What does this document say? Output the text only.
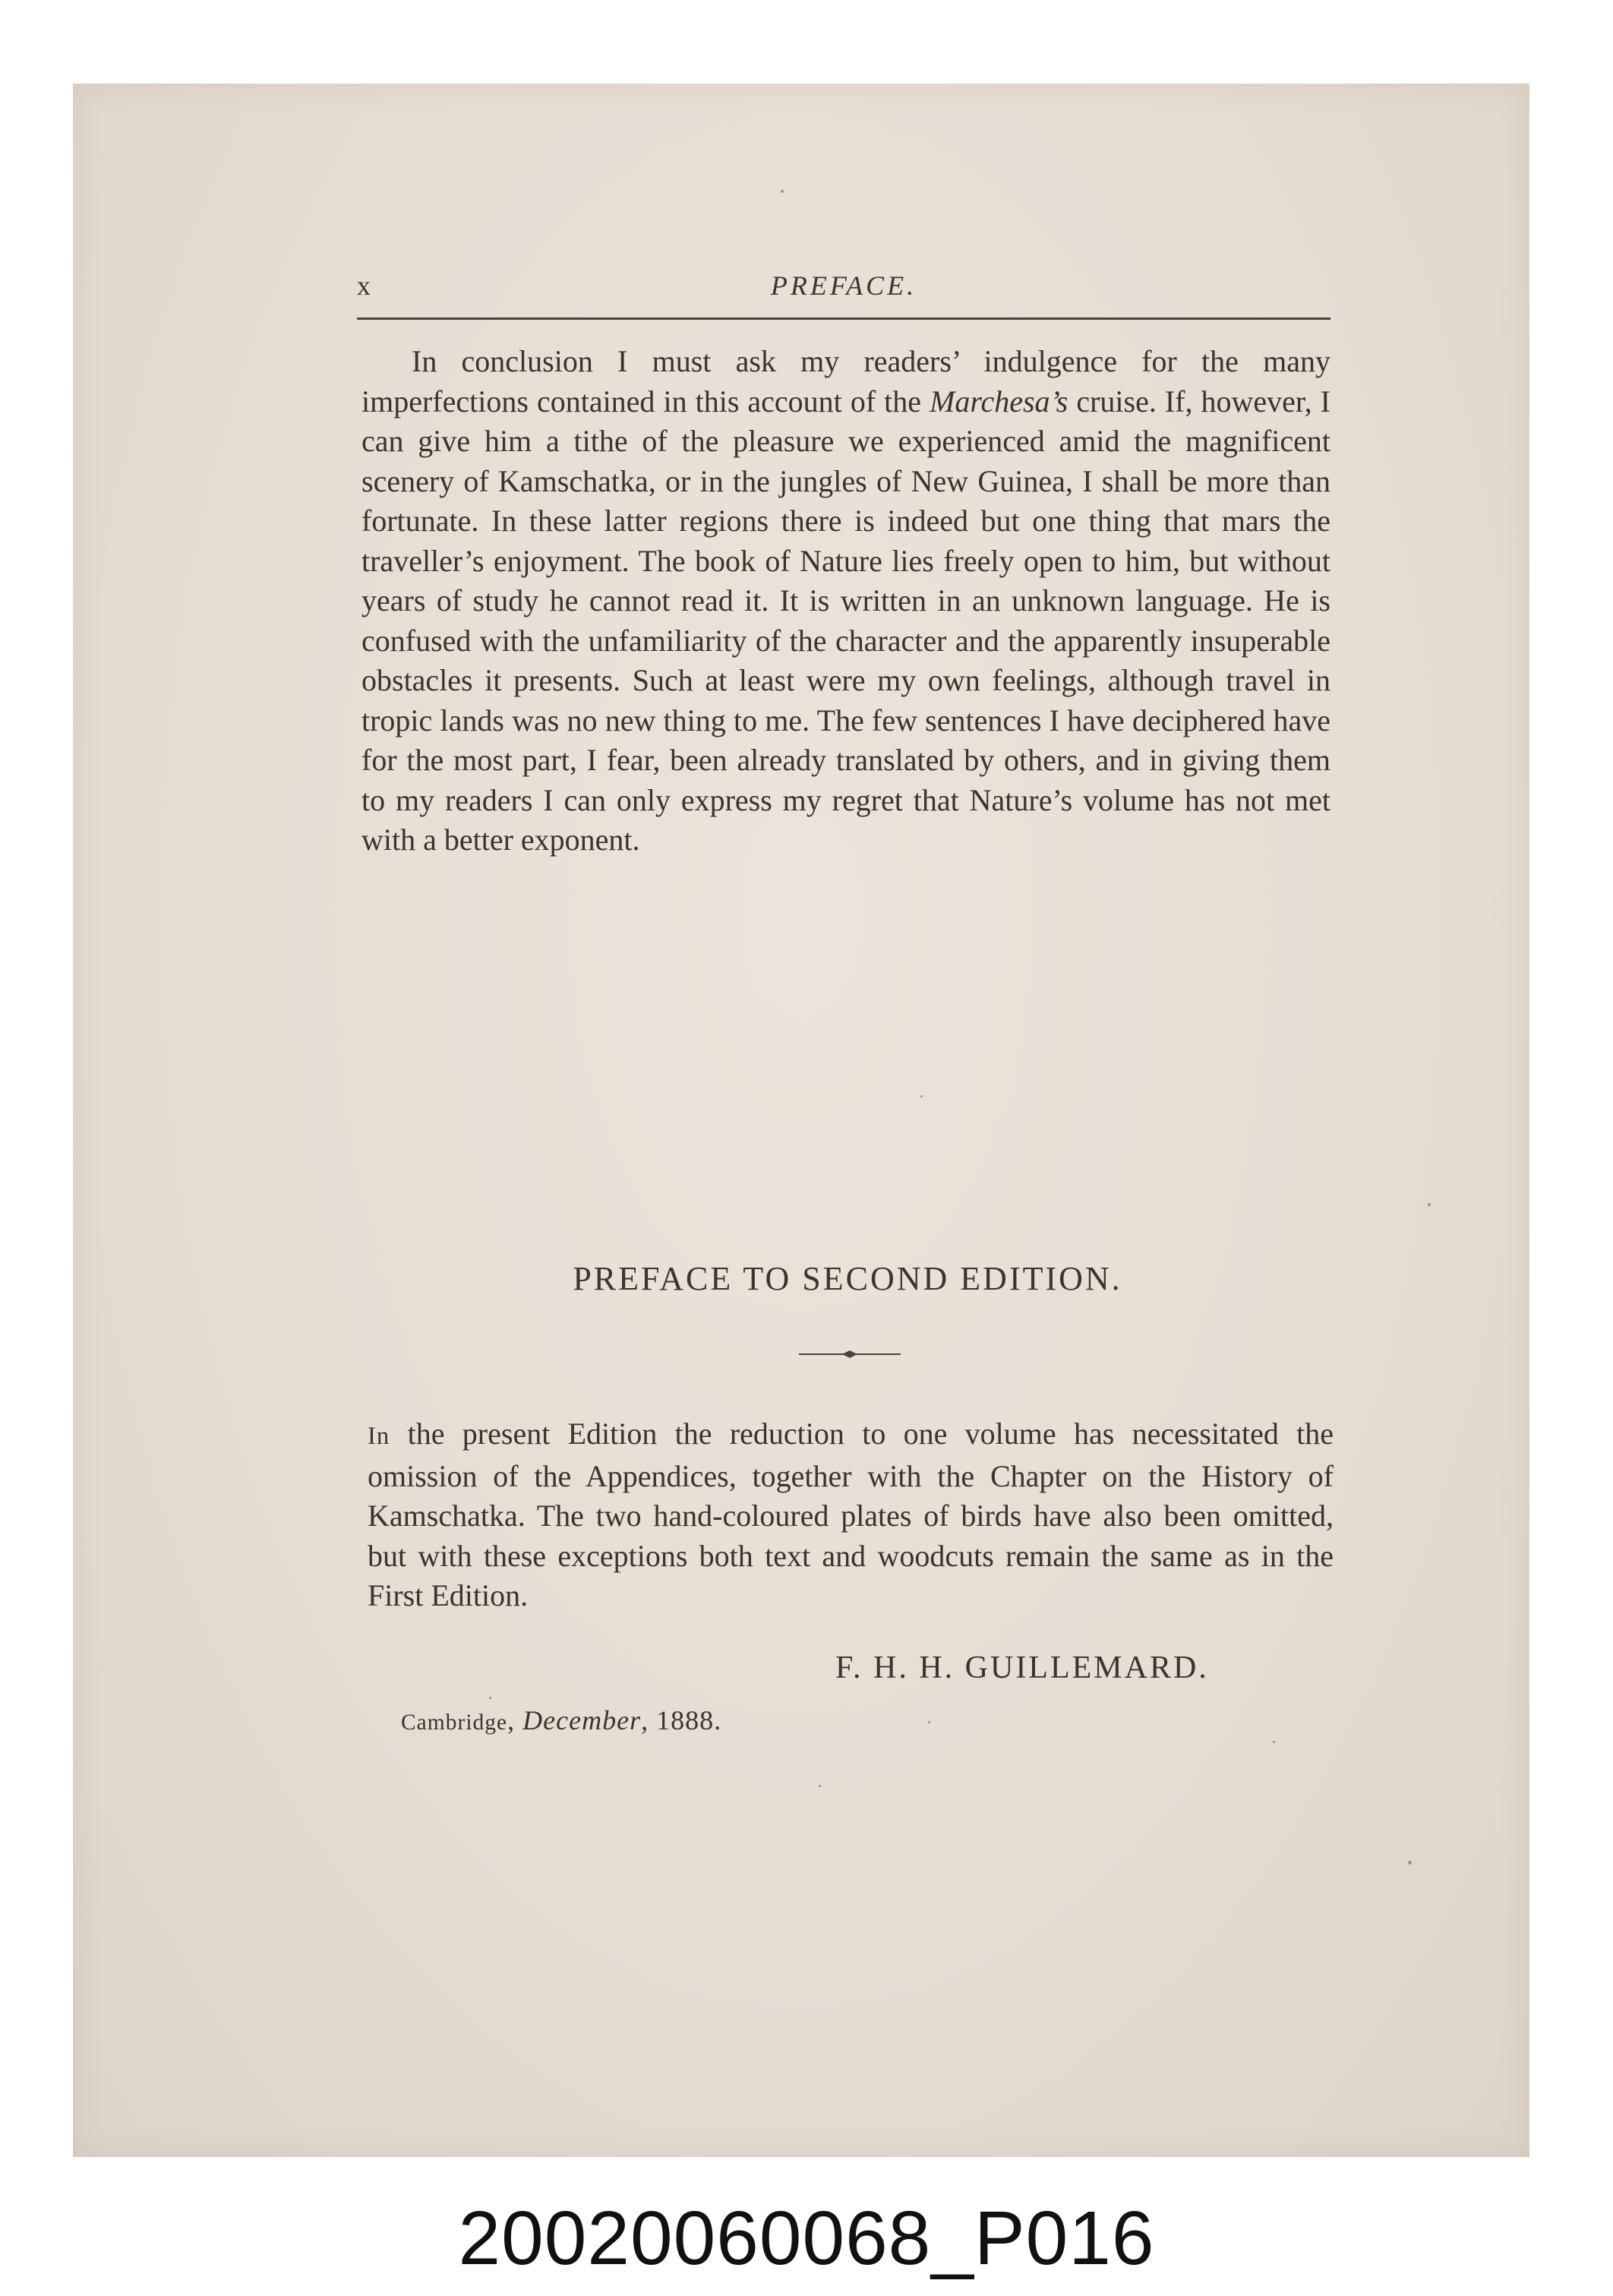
x	PREFACE.

In conclusion I must ask my readers’ indulgence for the many imperfections contained in this account of the Marchesa’s cruise. If, however, I can give him a tithe of the pleasure we experienced amid the magnificent scenery of Kamschatka, or in the jungles of New Guinea, I shall be more than fortunate. In these latter regions there is indeed but one thing that mars the traveller’s enjoyment. The book of Nature lies freely open to him, but without years of study he cannot read it. It is written in an unknown language. He is confused with the unfamiliarity of the character and the apparently insuperable obstacles it presents. Such at least were my own feelings, although travel in tropic lands was no new thing to me. The few sentences I have deciphered have for the most part, I fear, been already translated by others, and in giving them to my readers I can only express my regret that Nature’s volume has not met with a better exponent.

PREFACE TO SECOND EDITION.

In the present Edition the reduction to one volume has necessitated the omission of the Appendices, together with the Chapter on the History of Kamschatka. The two hand-coloured plates of birds have also been omitted, but with these exceptions both text and woodcuts remain the same as in the First Edition.

F. H. H. GUILLEMARD.
Cambridge, December, 1888.
20020060068_P016
